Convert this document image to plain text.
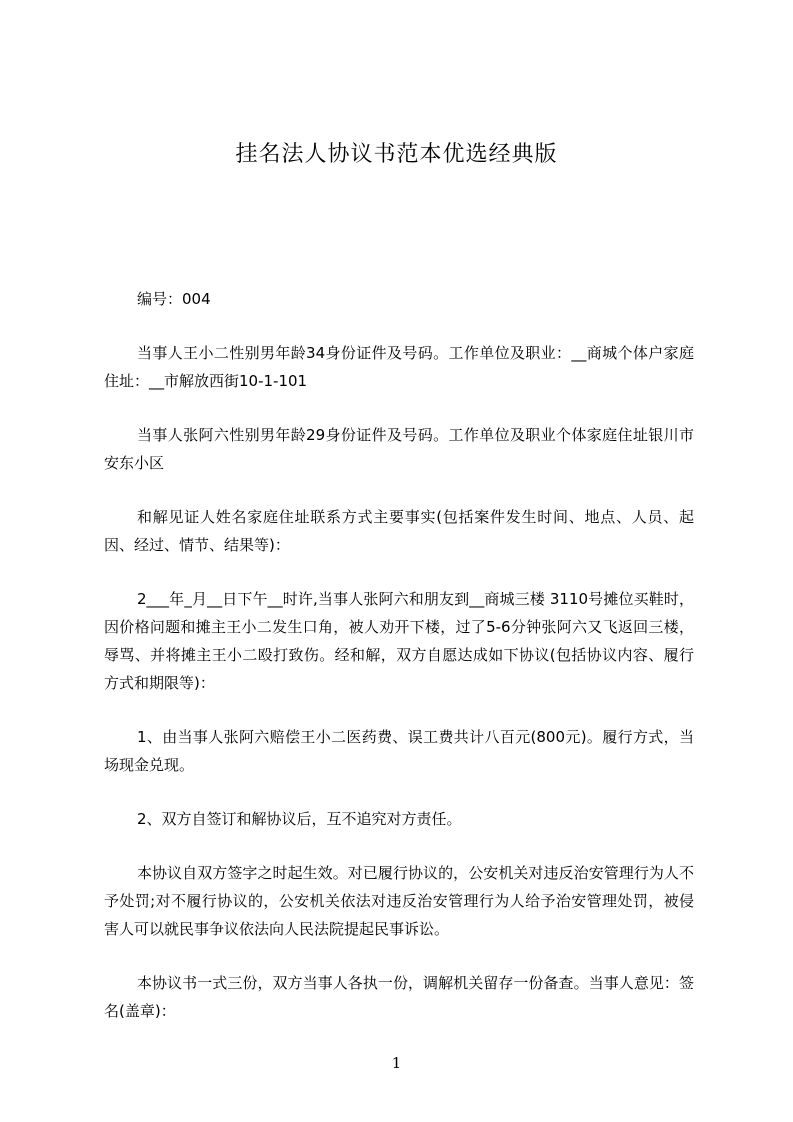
挂名法人协议书范本优选经典版

编号：004

当事人王小二性别男年龄34身份证件及号码。工作单位及职业：__商城个体户家庭住址：__市解放西街10-1-101

当事人张阿六性别男年龄29身份证件及号码。工作单位及职业个体家庭住址银川市安东小区

和解见证人姓名家庭住址联系方式主要事实(包括案件发生时间、地点、人员、起因、经过、情节、结果等)：

2___年_月__日下午__时许,当事人张阿六和朋友到__商城三楼 3110号摊位买鞋时，因价格问题和摊主王小二发生口角，被人劝开下楼，过了5-6分钟张阿六又飞返回三楼，辱骂、并将摊主王小二殴打致伤。经和解，双方自愿达成如下协议(包括协议内容、履行方式和期限等)：

1、由当事人张阿六赔偿王小二医药费、误工费共计八百元(800元)。履行方式，当场现金兑现。

2、双方自签订和解协议后，互不追究对方责任。

本协议自双方签字之时起生效。对已履行协议的，公安机关对违反治安管理行为人不予处罚;对不履行协议的，公安机关依法对违反治安管理行为人给予治安管理处罚，被侵害人可以就民事争议依法向人民法院提起民事诉讼。

本协议书一式三份，双方当事人各执一份，调解机关留存一份备查。当事人意见：签名(盖章)：

1
